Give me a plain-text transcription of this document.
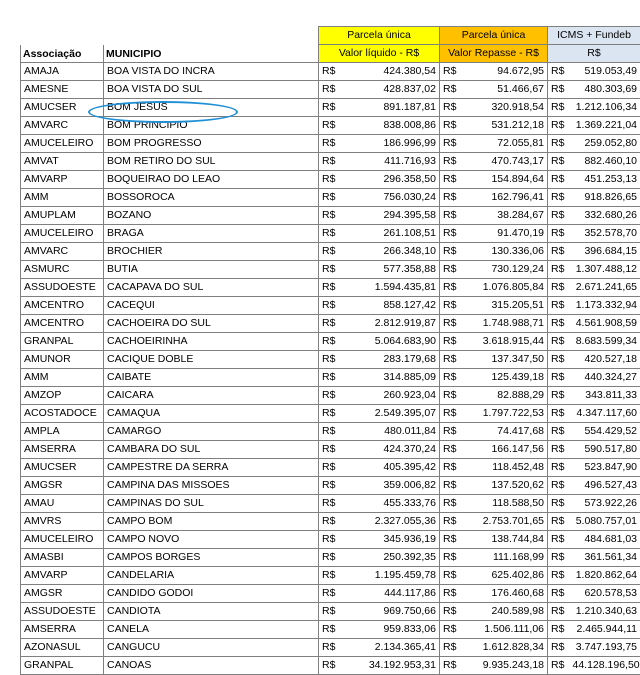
		Parcela única		Parcela única		ICMS + Fundeb	
Associação	MUNICIPIO	Valor líquido - R$		Valor Repasse - R$		R$	
AMAJA	BOA VISTA DO INCRA	R$	424.380,54	R$	94.672,95	R$	519.053,49
AMESNE	BOA VISTA DO SUL	R$	428.837,02	R$	51.466,67	R$	480.303,69
AMUCSER	BOM JESUS	R$	891.187,81	R$	320.918,54	R$	1.212.106,34
AMVARC	BOM PRINCIPIO	R$	838.008,86	R$	531.212,18	R$	1.369.221,04
AMUCELEIRO	BOM PROGRESSO	R$	186.996,99	R$	72.055,81	R$	259.052,80
AMVAT	BOM RETIRO DO SUL	R$	411.716,93	R$	470.743,17	R$	882.460,10
AMVARP	BOQUEIRAO DO LEAO	R$	296.358,50	R$	154.894,64	R$	451.253,13
AMM	BOSSOROCA	R$	756.030,24	R$	162.796,41	R$	918.826,65
AMUPLAM	BOZANO	R$	294.395,58	R$	38.284,67	R$	332.680,26
AMUCELEIRO	BRAGA	R$	261.108,51	R$	91.470,19	R$	352.578,70
AMVARC	BROCHIER	R$	266.348,10	R$	130.336,06	R$	396.684,15
ASMURC	BUTIA	R$	577.358,88	R$	730.129,24	R$	1.307.488,12
ASSUDOESTE	CACAPAVA DO SUL	R$	1.594.435,81	R$	1.076.805,84	R$	2.671.241,65
AMCENTRO	CACEQUI	R$	858.127,42	R$	315.205,51	R$	1.173.332,94
AMCENTRO	CACHOEIRA DO SUL	R$	2.812.919,87	R$	1.748.988,71	R$	4.561.908,59
GRANPAL	CACHOEIRINHA	R$	5.064.683,90	R$	3.618.915,44	R$	8.683.599,34
AMUNOR	CACIQUE DOBLE	R$	283.179,68	R$	137.347,50	R$	420.527,18
AMM	CAIBATE	R$	314.885,09	R$	125.439,18	R$	440.324,27
AMZOP	CAICARA	R$	260.923,04	R$	82.888,29	R$	343.811,33
ACOSTADOCE	CAMAQUA	R$	2.549.395,07	R$	1.797.722,53	R$	4.347.117,60
AMPLA	CAMARGO	R$	480.011,84	R$	74.417,68	R$	554.429,52
AMSERRA	CAMBARA DO SUL	R$	424.370,24	R$	166.147,56	R$	590.517,80
AMUCSER	CAMPESTRE DA SERRA	R$	405.395,42	R$	118.452,48	R$	523.847,90
AMGSR	CAMPINA DAS MISSOES	R$	359.006,82	R$	137.520,62	R$	496.527,43
AMAU	CAMPINAS DO SUL	R$	455.333,76	R$	118.588,50	R$	573.922,26
AMVRS	CAMPO BOM	R$	2.327.055,36	R$	2.753.701,65	R$	5.080.757,01
AMUCELEIRO	CAMPO NOVO	R$	345.936,19	R$	138.744,84	R$	484.681,03
AMASBI	CAMPOS BORGES	R$	250.392,35	R$	111.168,99	R$	361.561,34
AMVARP	CANDELARIA	R$	1.195.459,78	R$	625.402,86	R$	1.820.862,64
AMGSR	CANDIDO GODOI	R$	444.117,86	R$	176.460,68	R$	620.578,53
ASSUDOESTE	CANDIOTA	R$	969.750,66	R$	240.589,98	R$	1.210.340,63
AMSERRA	CANELA	R$	959.833,06	R$	1.506.111,06	R$	2.465.944,11
AZONASUL	CANGUCU	R$	2.134.365,41	R$	1.612.828,34	R$	3.747.193,75
GRANPAL	CANOAS	R$	34.192.953,31	R$	9.935.243,18	R$	44.128.196,50
